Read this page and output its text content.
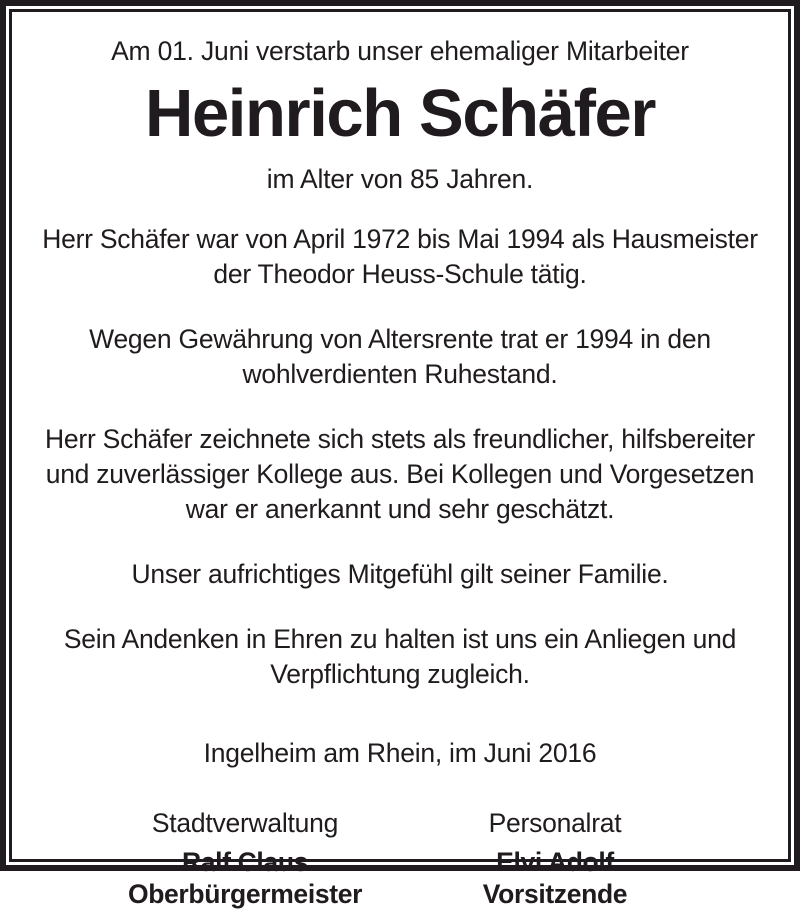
Am 01. Juni verstarb unser ehemaliger Mitarbeiter
Heinrich Schäfer
im Alter von 85 Jahren.

Herr Schäfer war von April 1972 bis Mai 1994 als Hausmeister der Theodor Heuss-Schule tätig.

Wegen Gewährung von Altersrente trat er 1994 in den wohlverdienten Ruhestand.

Herr Schäfer zeichnete sich stets als freundlicher, hilfsbereiter und zuverlässiger Kollege aus. Bei Kollegen und Vorgesetzen war er anerkannt und sehr geschätzt.

Unser aufrichtiges Mitgefühl gilt seiner Familie.

Sein Andenken in Ehren zu halten ist uns ein Anliegen und Verpflichtung zugleich.

Ingelheim am Rhein, im Juni 2016
Stadtverwaltung
Ralf Claus
Oberbürgermeister
Personalrat
Elvi Adolf
Vorsitzende
